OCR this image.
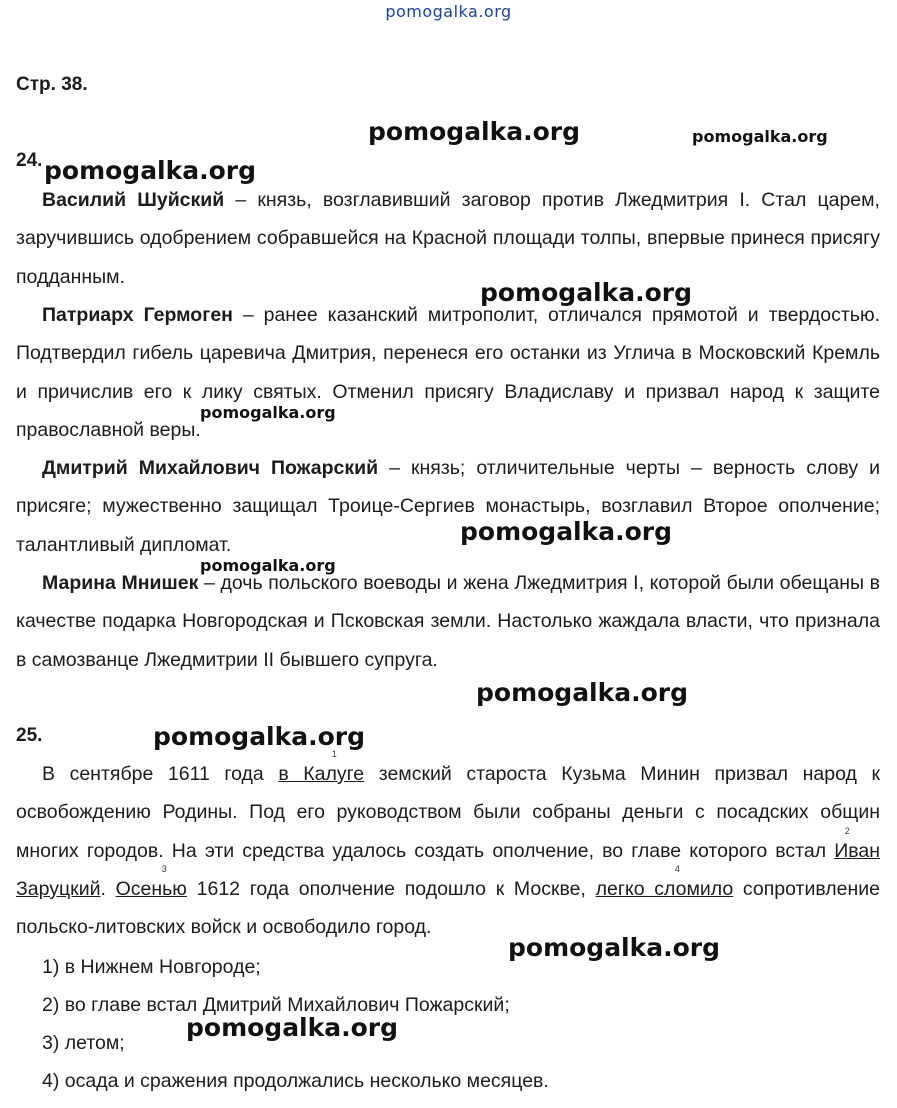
pomogalka.org
Стр. 38.
24.

Василий Шуйский – князь, возглавивший заговор против Лжедмитрия I. Стал царем, заручившись одобрением собравшейся на Красной площади толпы, впервые принеся присягу подданным.

Патриарх Гермоген – ранее казанский митрополит, отличался прямотой и твердостью. Подтвердил гибель царевича Дмитрия, перенеся его останки из Углича в Московский Кремль и причислив его к лику святых. Отменил присягу Владиславу и призвал народ к защите православной веры.

Дмитрий Михайлович Пожарский – князь; отличительные черты – верность слову и присяге; мужественно защищал Троице-Сергиев монастырь, возглавил Второе ополчение; талантливый дипломат.

Марина Мнишек – дочь польского воеводы и жена Лжедмитрия I, которой были обещаны в качестве подарка Новгородская и Псковская земли. Настолько жаждала власти, что признала в самозванце Лжедмитрии II бывшего супруга.

25.

В сентябре 1611 года
1
в Калуге земский староста Кузьма Минин призвал народ к освобождению Родины. Под его руководством были собраны деньги с посадских общин многих городов. На эти средства удалось создать ополчение, во главе которого встал
2
Иван Заруцкий.
3
Осенью 1612 года ополчение подошло к Москве,
4
легко сломило сопротивление польско-литовских войск и освободило город.

1) в Нижнем Новгороде;
2) во главе встал Дмитрий Михайлович Пожарский;
3) летом;
4) осада и сражения продолжались несколько месяцев.
pomogalka.org	pomogalka.org
pomogalka.org
pomogalka.org
pomogalka.org
pomogalka.org
pomogalka.org
pomogalka.org
pomogalka.org
pomogalka.org
pomogalka.org
